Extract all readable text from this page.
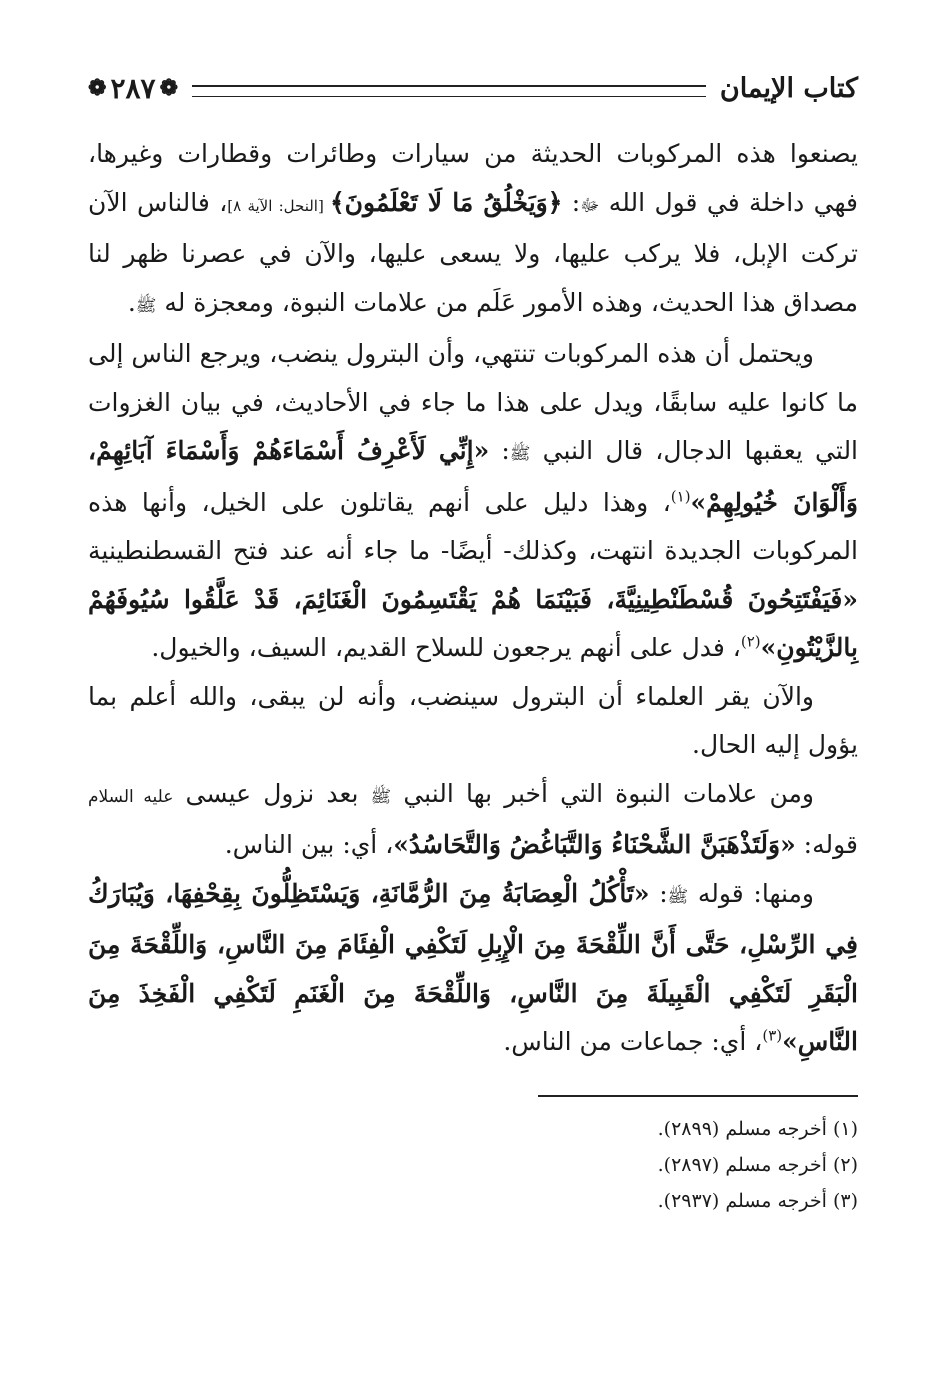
كتاب الإيمان
❁
٢٨٧
❁

يصنعوا هذه المركوبات الحديثة من سيارات وطائرات وقطارات وغيرها، فهي داخلة في قول الله ﷻ: ﴿وَيَخْلُقُ مَا لَا تَعْلَمُونَ﴾ [النحل: الآية ٨]، فالناس الآن تركت الإبل، فلا يركب عليها، ولا يسعى عليها، والآن في عصرنا ظهر لنا مصداق هذا الحديث، وهذه الأمور عَلَم من علامات النبوة، ومعجزة له ﷺ.

ويحتمل أن هذه المركوبات تنتهي، وأن البترول ينضب، ويرجع الناس إلى ما كانوا عليه سابقًا، ويدل على هذا ما جاء في الأحاديث، في بيان الغزوات التي يعقبها الدجال، قال النبي ﷺ: «إِنِّي لَأَعْرِفُ أَسْمَاءَهُمْ وَأَسْمَاءَ آبَائِهِمْ، وَأَلْوَانَ خُيُولِهِمْ»$^{(١)}$، وهذا دليل على أنهم يقاتلون على الخيل، وأنها هذه المركوبات الجديدة انتهت، وكذلك- أيضًا- ما جاء أنه عند فتح القسطنطينية «فَيَفْتَتِحُونَ قُسْطَنْطِينِيَّةَ، فَبَيْنَمَا هُمْ يَقْتَسِمُونَ الْغَنَائِمَ، قَدْ عَلَّقُوا سُيُوفَهُمْ بِالزَّيْتُونِ»$^{(٢)}$، فدل على أنهم يرجعون للسلاح القديم، السيف، والخيول.

والآن يقر العلماء أن البترول سينضب، وأنه لن يبقى، والله أعلم بما يؤول إليه الحال.

ومن علامات النبوة التي أخبر بها النبي ﷺ بعد نزول عيسى عليه السلام قوله: «وَلَتَذْهَبَنَّ الشَّحْنَاءُ وَالتَّبَاغُضُ وَالتَّحَاسُدُ»، أي: بين الناس.

ومنها: قوله ﷺ: «تَأْكُلُ الْعِصَابَةُ مِنَ الرُّمَّانَةِ، وَيَسْتَظِلُّونَ بِقِحْفِهَا، وَيُبَارَكُ فِي الرِّسْلِ، حَتَّى أَنَّ اللِّقْحَةَ مِنَ الْإِبِلِ لَتَكْفِي الْفِئَامَ مِنَ النَّاسِ، وَاللِّقْحَةَ مِنَ الْبَقَرِ لَتَكْفِي الْقَبِيلَةَ مِنَ النَّاسِ، وَاللِّقْحَةَ مِنَ الْغَنَمِ لَتَكْفِي الْفَخِذَ مِنَ النَّاسِ»$^{(٣)}$، أي: جماعات من الناس.

(١) أخرجه مسلم (٢٨٩٩).
(٢) أخرجه مسلم (٢٨٩٧).
(٣) أخرجه مسلم (٢٩٣٧).
